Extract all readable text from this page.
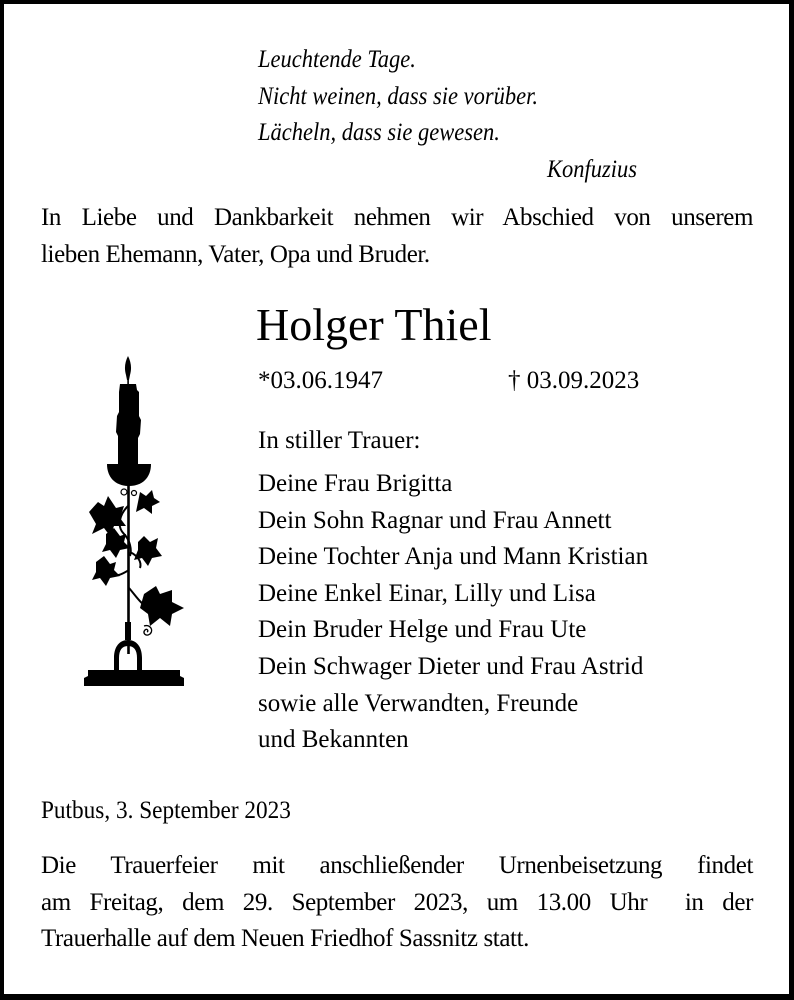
Leuchtende Tage.
Nicht weinen, dass sie vorüber.
Lächeln, dass sie gewesen.
Konfuzius
In Liebe und Dankbarkeit nehmen wir Abschied von unserem
lieben Ehemann, Vater, Opa und Bruder.
Holger Thiel
*03.06.1947	† 03.09.2023
In stiller Trauer:
Deine Frau Brigitta
Dein Sohn Ragnar und Frau Annett
Deine Tochter Anja und Mann Kristian
Deine Enkel Einar, Lilly und Lisa
Dein Bruder Helge und Frau Ute
Dein Schwager Dieter und Frau Astrid
sowie alle Verwandten, Freunde
und Bekannten
Putbus, 3. September 2023
Die Trauerfeier mit anschließender Urnenbeisetzung findet
am Freitag, dem 29. September 2023, um 13.00 Uhr  in der
Trauerhalle auf dem Neuen Friedhof Sassnitz statt.
